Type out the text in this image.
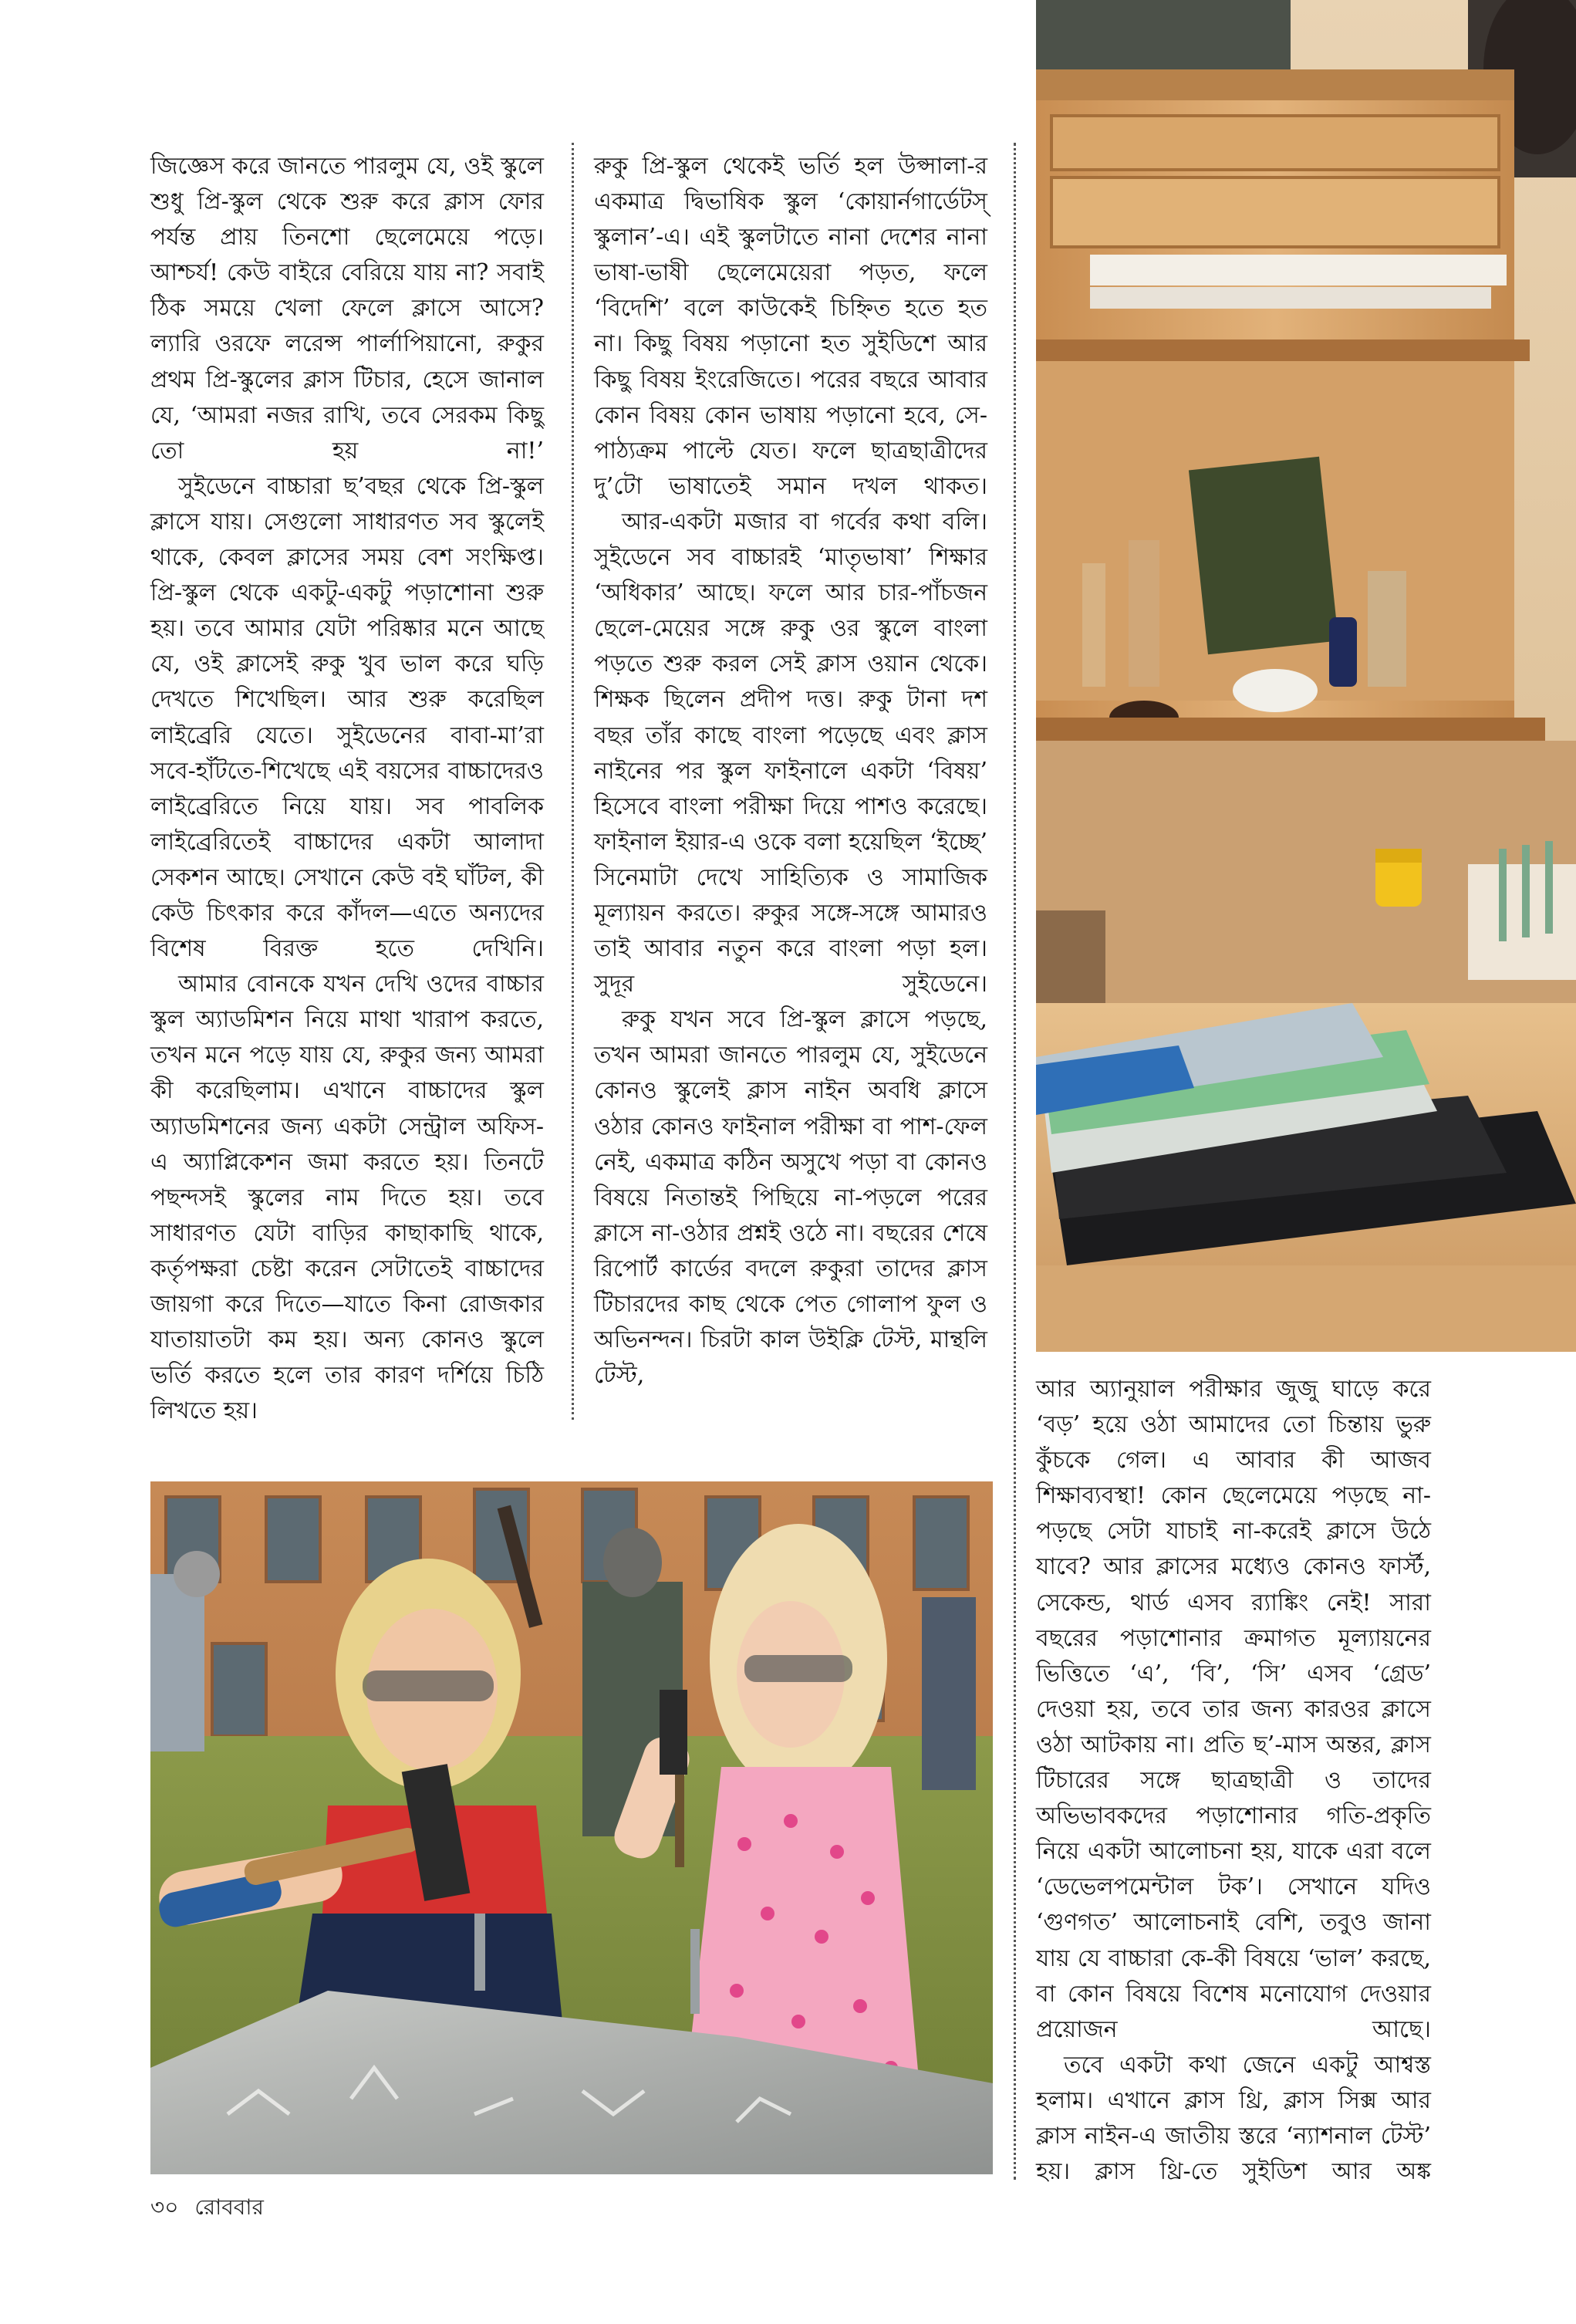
জিজ্ঞেস করে জানতে পারলুম যে, ওই স্কুলে শুধু প্রি-স্কুল থেকে শুরু করে ক্লাস ফোর পর্যন্ত প্রায় তিনশো ছেলেমেয়ে পড়ে। আশ্চর্য! কেউ বাইরে বেরিয়ে যায় না? সবাই ঠিক সময়ে খেলা ফেলে ক্লাসে আসে? ল্যারি ওরফে লরেন্স পার্লাপিয়ানো, রুকুর প্রথম প্রি-স্কুলের ক্লাস টিচার, হেসে জানাল যে, ‘আমরা নজর রাখি, তবে সেরকম কিছু তো হয় না!’

সুইডেনে বাচ্চারা ছ’বছর থেকে প্রি-স্কুল ক্লাসে যায়। সেগুলো সাধারণত সব স্কুলেই থাকে, কেবল ক্লাসের সময় বেশ সংক্ষিপ্ত। প্রি-স্কুল থেকে একটু-একটু পড়াশোনা শুরু হয়। তবে আমার যেটা পরিষ্কার মনে আছে যে, ওই ক্লাসেই রুকু খুব ভাল করে ঘড়ি দেখতে শিখেছিল। আর শুরু করেছিল লাইব্রেরি যেতে। সুইডেনের বাবা-মা’রা সবে-হাঁটতে-শিখেছে এই বয়সের বাচ্চাদেরও লাইব্রেরিতে নিয়ে যায়। সব পাবলিক লাইব্রেরিতেই বাচ্চাদের একটা আলাদা সেকশন আছে। সেখানে কেউ বই ঘাঁটল, কী কেউ চিৎকার করে কাঁদল—এতে অন্যদের বিশেষ বিরক্ত হতে দেখিনি।

আমার বোনকে যখন দেখি ওদের বাচ্চার স্কুল অ্যাডমিশন নিয়ে মাথা খারাপ করতে, তখন মনে পড়ে যায় যে, রুকুর জন্য আমরা কী করেছিলাম। এখানে বাচ্চাদের স্কুল অ্যাডমিশনের জন্য একটা সেন্ট্রাল অফিস-এ অ্যাপ্লিকেশন জমা করতে হয়। তিনটে পছন্দসই স্কুলের নাম দিতে হয়। তবে সাধারণত যেটা বাড়ির কাছাকাছি থাকে, কর্তৃপক্ষরা চেষ্টা করেন সেটাতেই বাচ্চাদের জায়গা করে দিতে—যাতে কিনা রোজকার যাতায়াতটা কম হয়। অন্য কোনও স্কুলে ভর্তি করতে হলে তার কারণ দর্শিয়ে চিঠি লিখতে হয়।

রুকু প্রি-স্কুল থেকেই ভর্তি হল উপ্সালা-র একমাত্র দ্বিভাষিক স্কুল ‘কোয়ার্নগার্ডেটস্ স্কুলান’-এ। এই স্কুলটাতে নানা দেশের নানা ভাষা-ভাষী ছেলেমেয়েরা পড়ত, ফলে ‘বিদেশি’ বলে কাউকেই চিহ্নিত হতে হত না। কিছু বিষয় পড়ানো হত সুইডিশে আর কিছু বিষয় ইংরেজিতে। পরের বছরে আবার কোন বিষয় কোন ভাষায় পড়ানো হবে, সে-পাঠ্যক্রম পাল্টে যেত। ফলে ছাত্রছাত্রীদের দু’টো ভাষাতেই সমান দখল থাকত।

আর-একটা মজার বা গর্বের কথা বলি। সুইডেনে সব বাচ্চারই ‘মাতৃভাষা’ শিক্ষার ‘অধিকার’ আছে। ফলে আর চার-পাঁচজন ছেলে-মেয়ের সঙ্গে রুকু ওর স্কুলে বাংলা পড়তে শুরু করল সেই ক্লাস ওয়ান থেকে। শিক্ষক ছিলেন প্রদীপ দত্ত। রুকু টানা দশ বছর তাঁর কাছে বাংলা পড়েছে এবং ক্লাস নাইনের পর স্কুল ফাইনালে একটা ‘বিষয়’ হিসেবে বাংলা পরীক্ষা দিয়ে পাশও করেছে। ফাইনাল ইয়ার-এ ওকে বলা হয়েছিল ‘ইচ্ছে’ সিনেমাটা দেখে সাহিত্যিক ও সামাজিক মূল্যায়ন করতে। রুকুর সঙ্গে-সঙ্গে আমারও তাই আবার নতুন করে বাংলা পড়া হল। সুদূর সুইডেনে।

রুকু যখন সবে প্রি-স্কুল ক্লাসে পড়ছে, তখন আমরা জানতে পারলুম যে, সুইডেনে কোনও স্কুলেই ক্লাস নাইন অবধি ক্লাসে ওঠার কোনও ফাইনাল পরীক্ষা বা পাশ-ফেল নেই, একমাত্র কঠিন অসুখে পড়া বা কোনও বিষয়ে নিতান্তই পিছিয়ে না-পড়লে পরের ক্লাসে না-ওঠার প্রশ্নই ওঠে না। বছরের শেষে রিপোর্ট কার্ডের বদলে রুকুরা তাদের ক্লাস টিচারদের কাছ থেকে পেত গোলাপ ফুল ও অভিনন্দন। চিরটা কাল উইক্লি টেস্ট, মান্থলি টেস্ট,

আর অ্যানুয়াল পরীক্ষার জুজু ঘাড়ে করে ‘বড়’ হয়ে ওঠা আমাদের তো চিন্তায় ভুরু কুঁচকে গেল। এ আবার কী আজব শিক্ষাব্যবস্থা! কোন ছেলেমেয়ে পড়ছে না-পড়ছে সেটা যাচাই না-করেই ক্লাসে উঠে যাবে? আর ক্লাসের মধ্যেও কোনও ফার্স্ট, সেকেন্ড, থার্ড এসব র‍্যাঙ্কিং নেই! সারা বছরের পড়াশোনার ক্রমাগত মূল্যায়নের ভিত্তিতে ‘এ’, ‘বি’, ‘সি’ এসব ‘গ্রেড’ দেওয়া হয়, তবে তার জন্য কারওর ক্লাসে ওঠা আটকায় না। প্রতি ছ’-মাস অন্তর, ক্লাস টিচারের সঙ্গে ছাত্রছাত্রী ও তাদের অভিভাবকদের পড়াশোনার গতি-প্রকৃতি নিয়ে একটা আলোচনা হয়, যাকে এরা বলে ‘ডেভেলপমেন্টাল টক’। সেখানে যদিও ‘গুণগত’ আলোচনাই বেশি, তবুও জানা যায় যে বাচ্চারা কে-কী বিষয়ে ‘ভাল’ করছে, বা কোন বিষয়ে বিশেষ মনোযোগ দেওয়ার প্রয়োজন আছে।

তবে একটা কথা জেনে একটু আশ্বস্ত হলাম। এখানে ক্লাস থ্রি, ক্লাস সিক্স আর ক্লাস নাইন-এ জাতীয় স্তরে ‘ন্যাশনাল টেস্ট’ হয়। ক্লাস থ্রি-তে সুইডিশ আর অঙ্ক

৩০ রোববার
